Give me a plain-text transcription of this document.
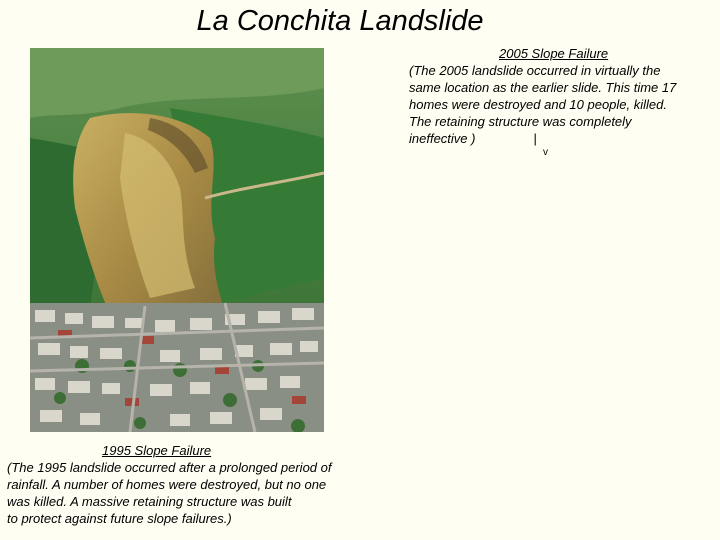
La Conchita Landslide
2005 Slope Failure
(The 2005 landslide occurred in virtually the
same location as the earlier slide. This time 17
homes were destroyed and 10 people, killed.
The retaining structure was completely
ineffective )	|
v
1995 Slope Failure
(The 1995 landslide occurred after a prolonged period of
rainfall. A number of homes were destroyed, but no one
was killed. A massive retaining structure was built
to protect against future slope failures.)
